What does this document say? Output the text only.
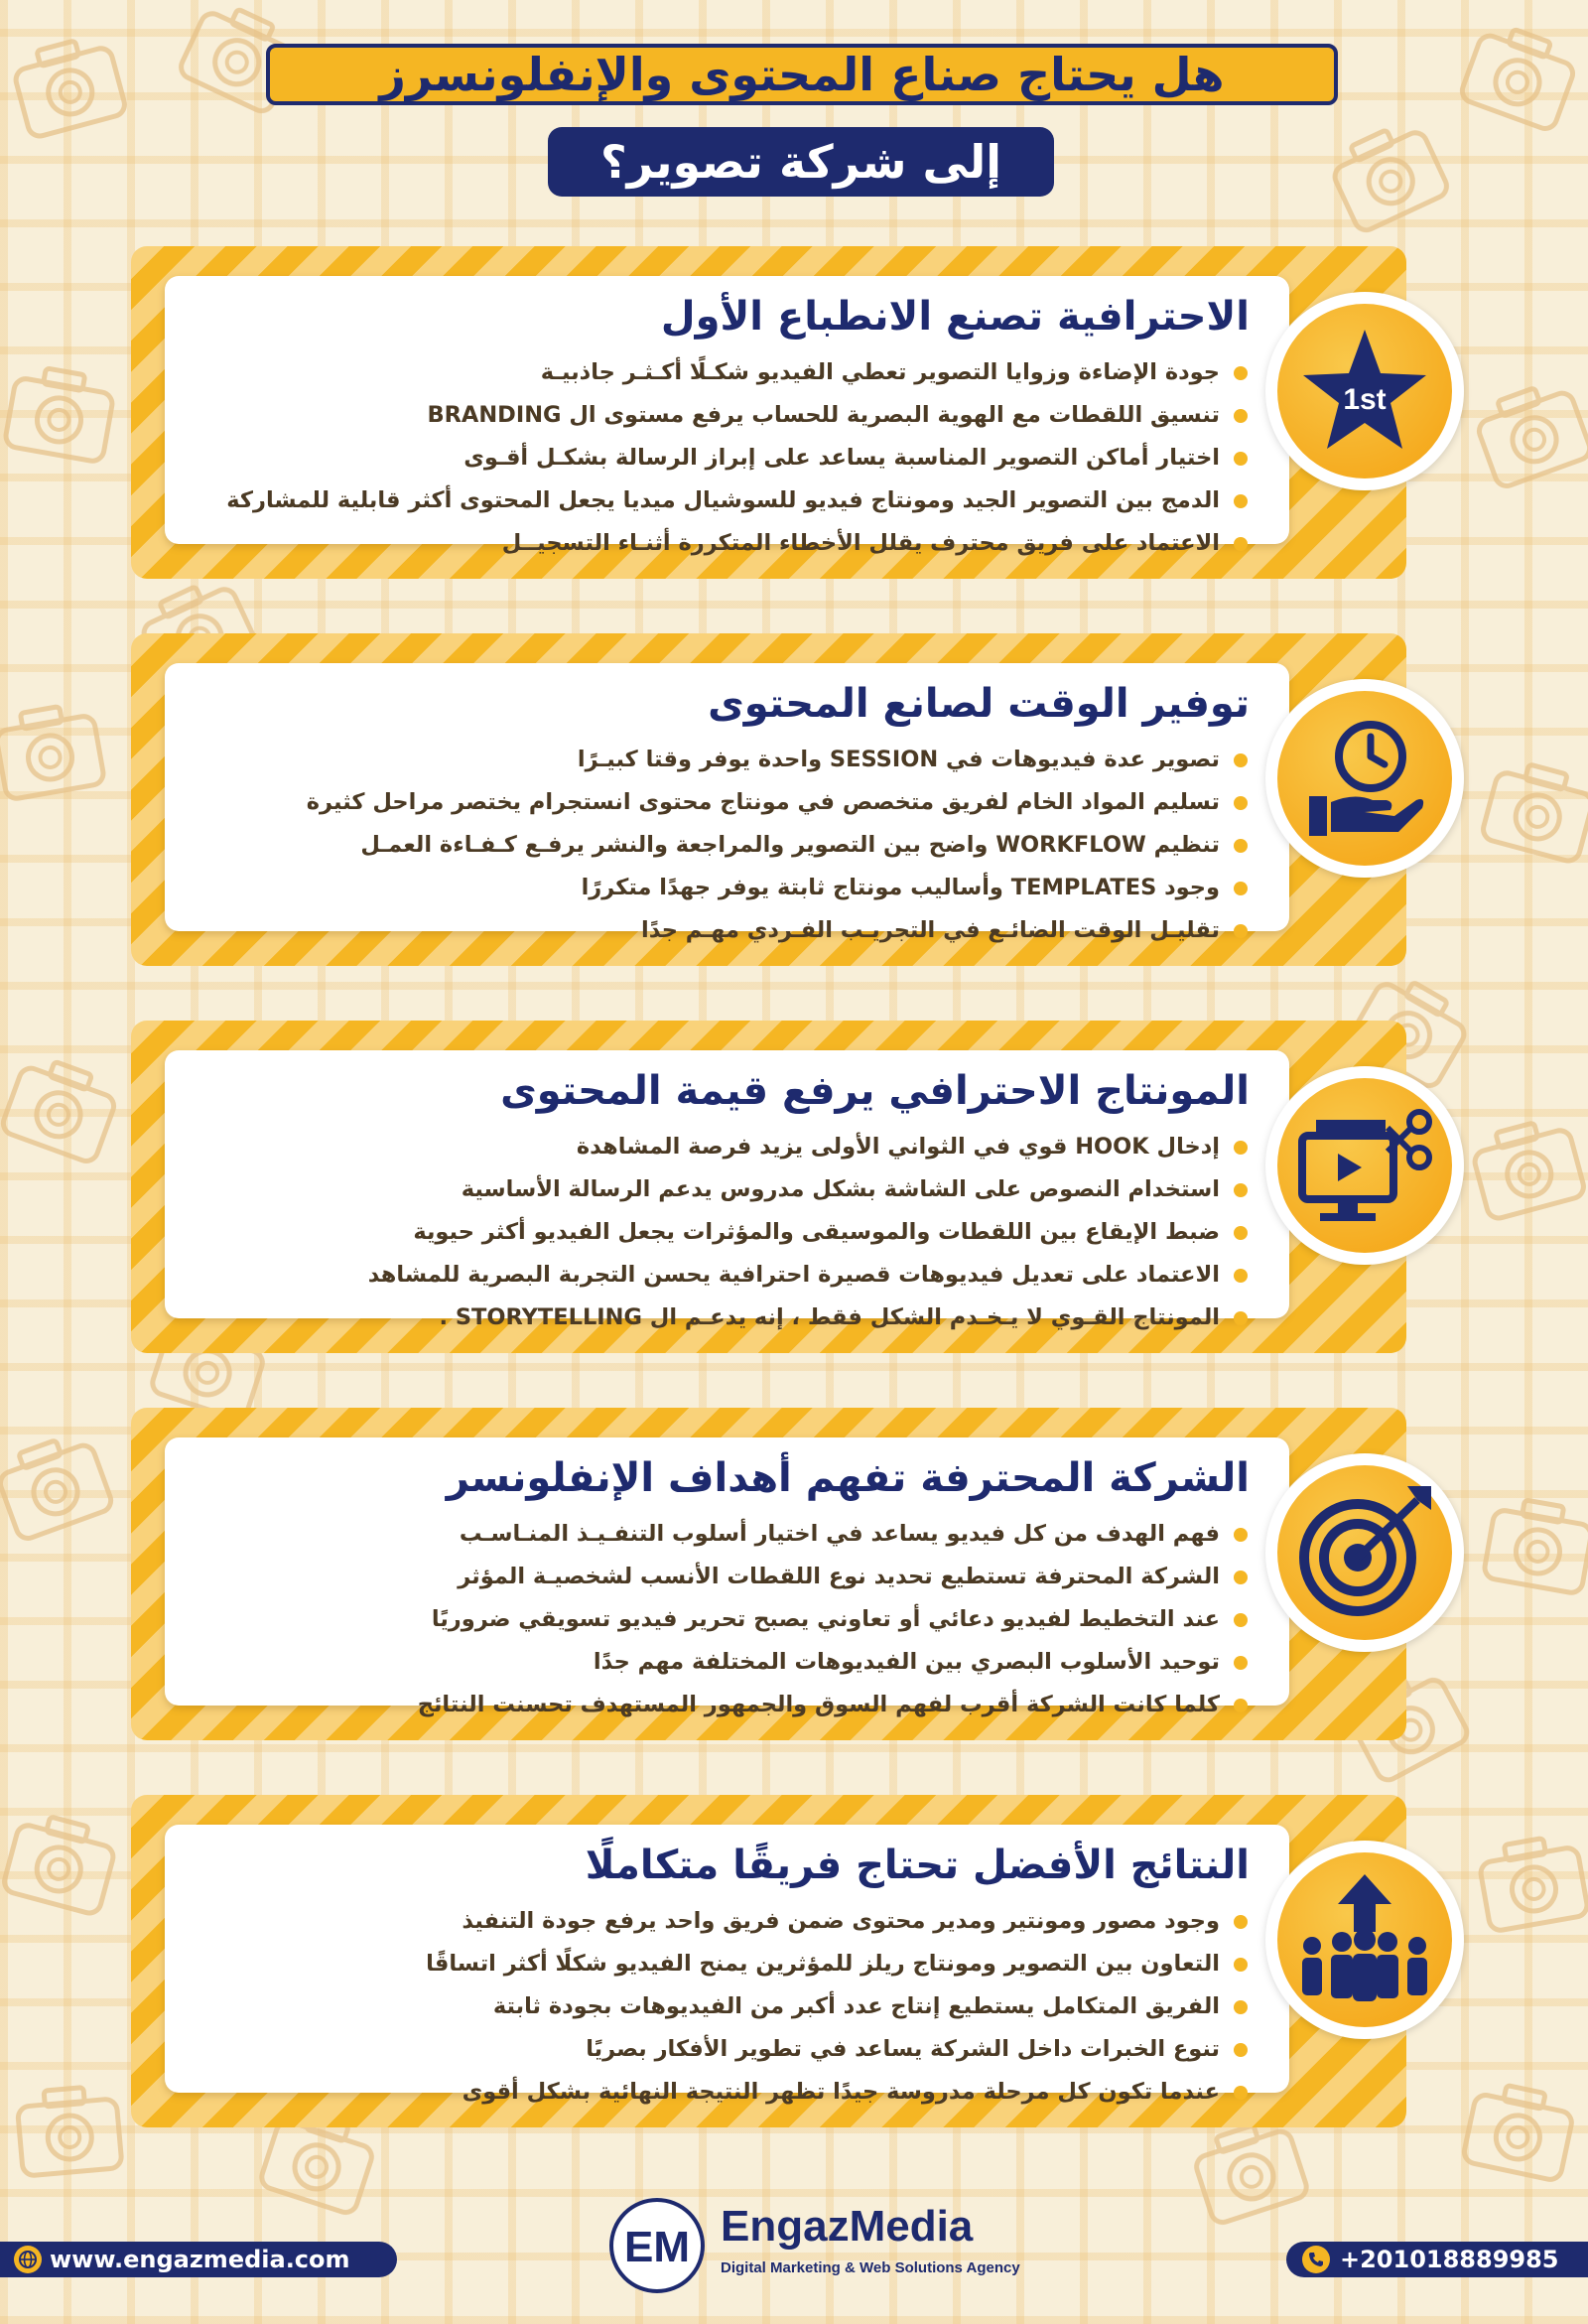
هل يحتاج صناع المحتوى والإنفلونسرز
إلى شركة تصوير؟
الاحترافية تصنع الانطباع الأول
جودة الإضاءة وزوايا التصوير تعطي الفيديو شكـلًا أكـثـر جاذبيـة
تنسيق اللقطات مع الهوية البصرية للحساب يرفع مستوى ال BRANDING
اختيار أماكن التصوير المناسبة يساعد على إبراز الرسالة بشكـل أقـوى
الدمج بين التصوير الجيد ومونتاج فيديو للسوشيال ميديا يجعل المحتوى أكثر قابلية للمشاركة
الاعتماد على فريق محترف يقلل الأخطاء المتكررة أثنـاء التسجيــل
1st
توفير الوقت لصانع المحتوى
تصوير عدة فيديوهات في SESSION واحدة يوفر وقتا كبيـرًا
تسليم المواد الخام لفريق متخصص في مونتاج محتوى انستجرام يختصر مراحل كثيرة
تنظيم WORKFLOW واضح بين التصوير والمراجعة والنشر يرفـع كـفـاءة العمـل
وجود TEMPLATES وأساليب مونتاج ثابتة يوفر جهدًا متكررًا
تقليـل الوقت الضائـع في التجريـب الفـردي مهـم جدًا
المونتاج الاحترافي يرفع قيمة المحتوى
إدخال HOOK قوي في الثواني الأولى يزيد فرصة المشاهدة
استخدام النصوص على الشاشة بشكل مدروس يدعم الرسالة الأساسية
ضبط الإيقاع بين اللقطات والموسيقى والمؤثرات يجعل الفيديو أكثر حيوية
الاعتماد على تعديل فيديوهات قصيرة احترافية يحسن التجربة البصرية للمشاهد
المونتاج القـوي لا يـخـدم الشكل فقط ، إنه يدعـم ال STORYTELLING .
الشركة المحترفة تفهم أهداف الإنفلونسر
فهم الهدف من كل فيديو يساعد في اختيار أسلوب التنفـيـذ المنـاسـب
الشركة المحترفة تستطيع تحديد نوع اللقطات الأنسب لشخصيـة المؤثر
عند التخطيط لفيديو دعائي أو تعاوني يصبح تحرير فيديو تسويقي ضروريًا
توحيد الأسلوب البصري بين الفيديوهات المختلفة مهم جدًا
كلما كانت الشركة أقرب لفهم السوق والجمهور المستهدف تحسنت النتائج
النتائج الأفضل تحتاج فريقًا متكاملًا
وجود مصور ومونتير ومدير محتوى ضمن فريق واحد يرفع جودة التنفيذ
التعاون بين التصوير ومونتاج ريلز للمؤثرين يمنح الفيديو شكلًا أكثر اتساقًا
الفريق المتكامل يستطيع إنتاج عدد أكبر من الفيديوهات بجودة ثابتة
تنوع الخبرات داخل الشركة يساعد في تطوير الأفكار بصريًا
عندما تكون كل مرحلة مدروسة جيدًا تظهر النتيجة النهائية بشكل أقوى
www.engazmedia.com	EM EngazMedia
Digital Marketing & Web Solutions Agency	+201018889985
